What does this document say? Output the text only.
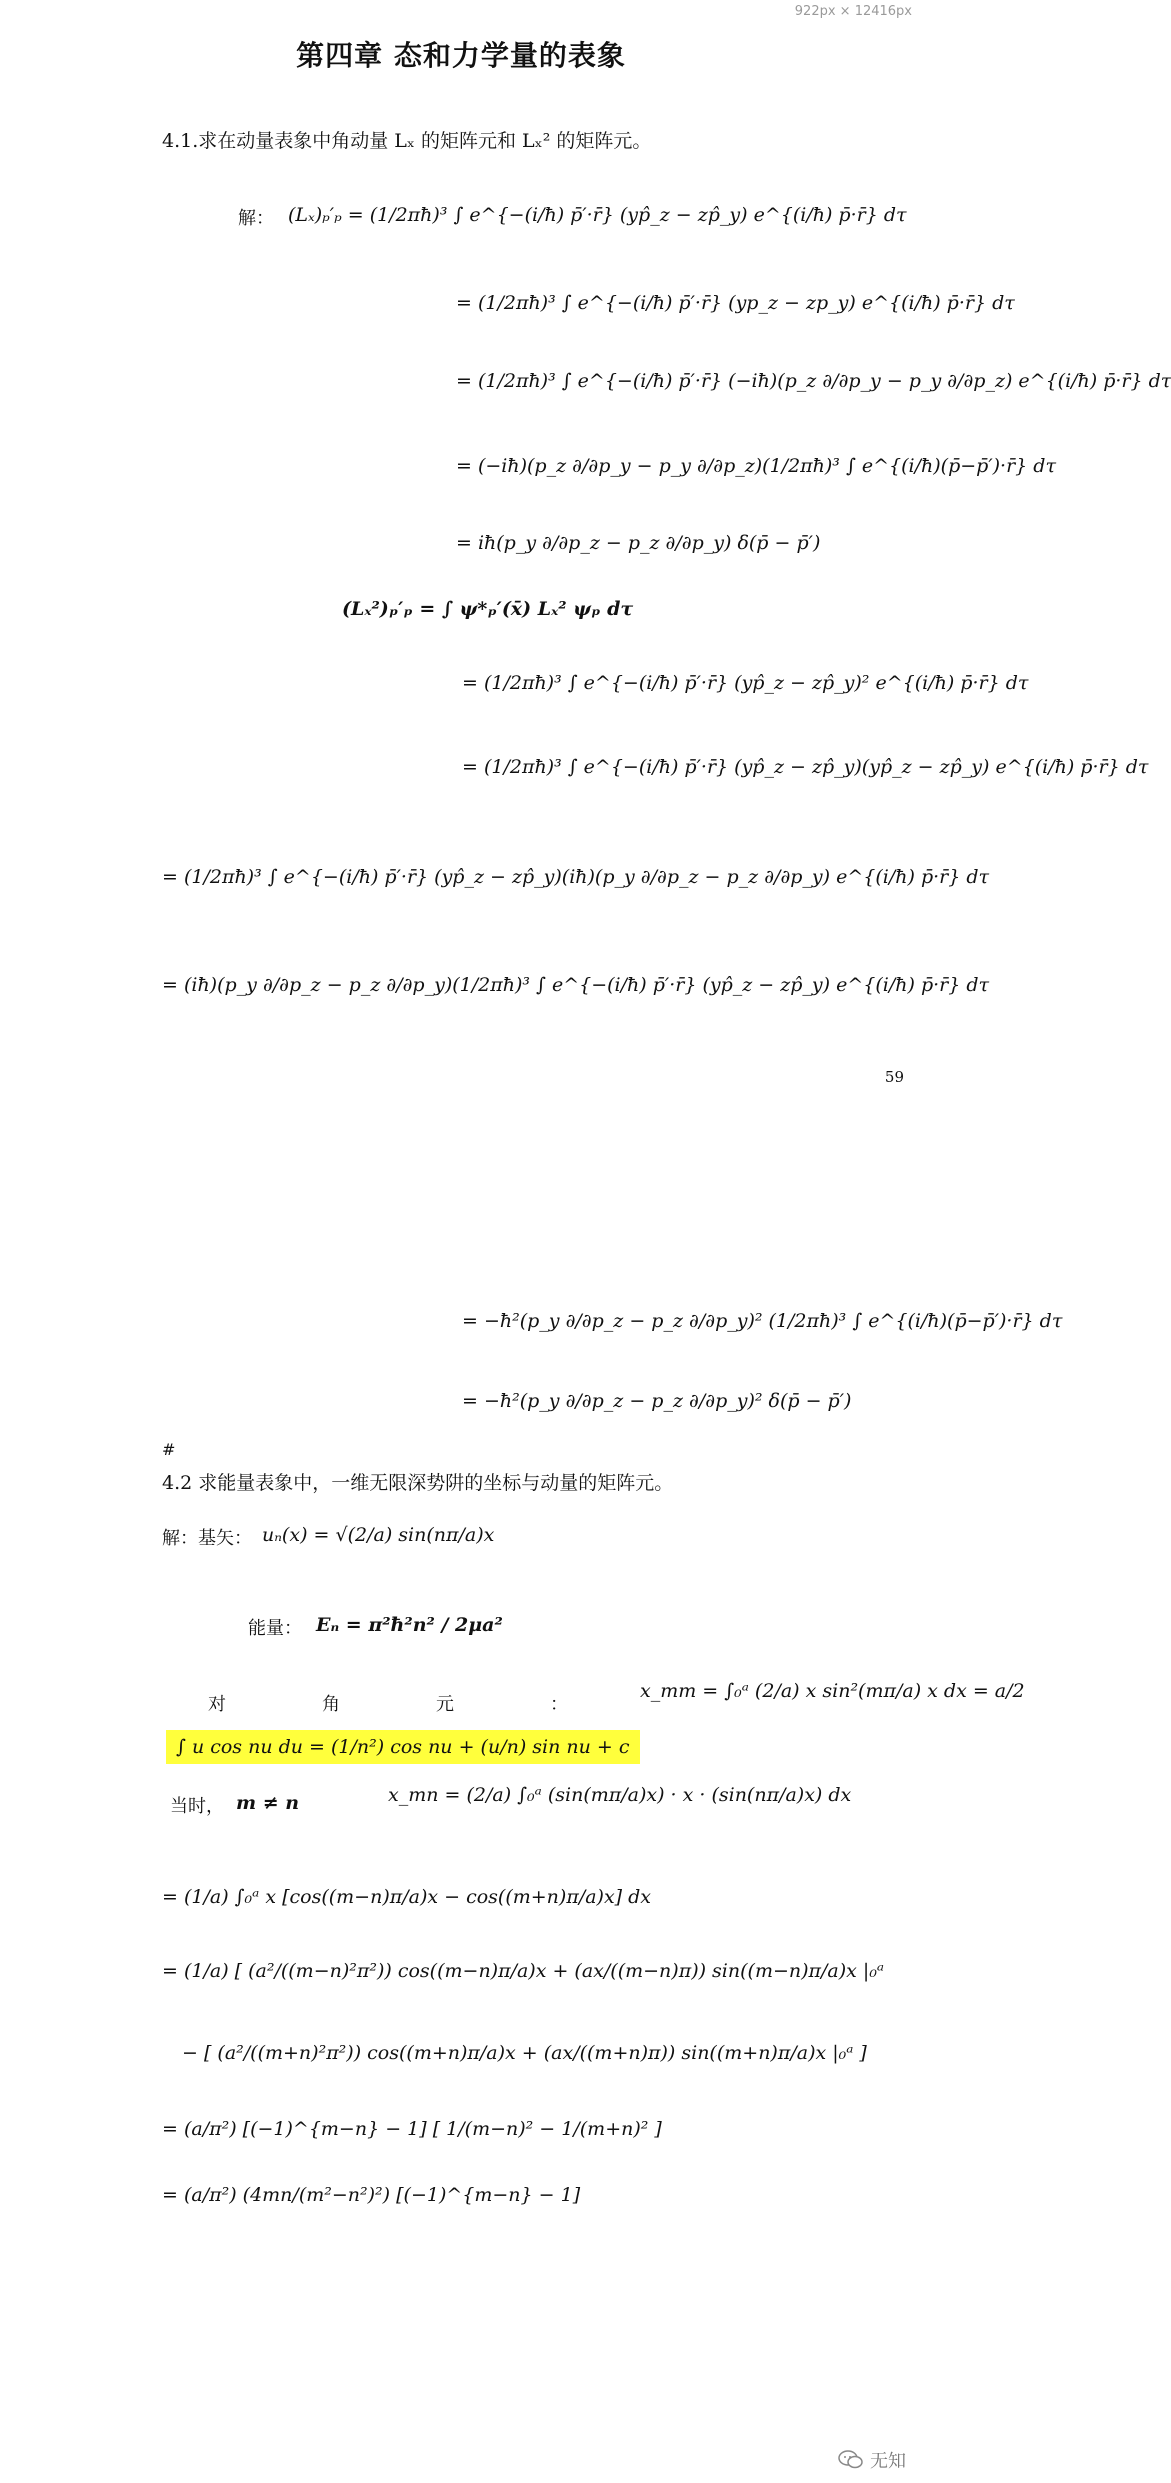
922px × 12416px
第四章 态和力学量的表象
4.1.求在动量表象中角动量 Lₓ 的矩阵元和 Lₓ² 的矩阵元。
解： (Lₓ)ₚ′ₚ = (1/2πħ)³ ∫ e^{−(i/ħ) p̄′·r̄} (yp̂_z − zp̂_y) e^{(i/ħ) p̄·r̄} dτ
= (1/2πħ)³ ∫ e^{−(i/ħ) p̄′·r̄} (yp_z − zp_y) e^{(i/ħ) p̄·r̄} dτ
= (1/2πħ)³ ∫ e^{−(i/ħ) p̄′·r̄} (−iħ)(p_z ∂/∂p_y − p_y ∂/∂p_z) e^{(i/ħ) p̄·r̄} dτ
= (−iħ)(p_z ∂/∂p_y − p_y ∂/∂p_z)(1/2πħ)³ ∫ e^{(i/ħ)(p̄−p̄′)·r̄} dτ
= iħ(p_y ∂/∂p_z − p_z ∂/∂p_y) δ(p̄ − p̄′)
(Lₓ²)ₚ′ₚ = ∫ ψ*ₚ′(x̄) Lₓ² ψₚ dτ
= (1/2πħ)³ ∫ e^{−(i/ħ) p̄′·r̄} (yp̂_z − zp̂_y)² e^{(i/ħ) p̄·r̄} dτ
= (1/2πħ)³ ∫ e^{−(i/ħ) p̄′·r̄} (yp̂_z − zp̂_y)(yp̂_z − zp̂_y) e^{(i/ħ) p̄·r̄} dτ
= (1/2πħ)³ ∫ e^{−(i/ħ) p̄′·r̄} (yp̂_z − zp̂_y)(iħ)(p_y ∂/∂p_z − p_z ∂/∂p_y) e^{(i/ħ) p̄·r̄} dτ
= (iħ)(p_y ∂/∂p_z − p_z ∂/∂p_y)(1/2πħ)³ ∫ e^{−(i/ħ) p̄′·r̄} (yp̂_z − zp̂_y) e^{(i/ħ) p̄·r̄} dτ
59
= −ħ²(p_y ∂/∂p_z − p_z ∂/∂p_y)² (1/2πħ)³ ∫ e^{(i/ħ)(p̄−p̄′)·r̄} dτ
= −ħ²(p_y ∂/∂p_z − p_z ∂/∂p_y)² δ(p̄ − p̄′)
#
4.2 求能量表象中，一维无限深势阱的坐标与动量的矩阵元。
解：基矢： uₙ(x) = √(2/a) sin(nπ/a)x
能量： Eₙ = π²ħ²n² / 2μa²
对	角	元	：
x_mm = ∫₀ᵃ (2/a) x sin²(mπ/a) x dx = a/2
∫ u cos nu du = (1/n²) cos nu + (u/n) sin nu + c
当时， m ≠ n	x_mn = (2/a) ∫₀ᵃ (sin(mπ/a)x) · x · (sin(nπ/a)x) dx
= (1/a) ∫₀ᵃ x [cos((m−n)π/a)x − cos((m+n)π/a)x] dx
= (1/a) [ (a²/((m−n)²π²)) cos((m−n)π/a)x + (ax/((m−n)π)) sin((m−n)π/a)x |₀ᵃ
− [ (a²/((m+n)²π²)) cos((m+n)π/a)x + (ax/((m+n)π)) sin((m+n)π/a)x |₀ᵃ ]
= (a/π²) [(−1)^{m−n} − 1] [ 1/(m−n)² − 1/(m+n)² ]
= (a/π²) (4mn/(m²−n²)²) [(−1)^{m−n} − 1]
无知
